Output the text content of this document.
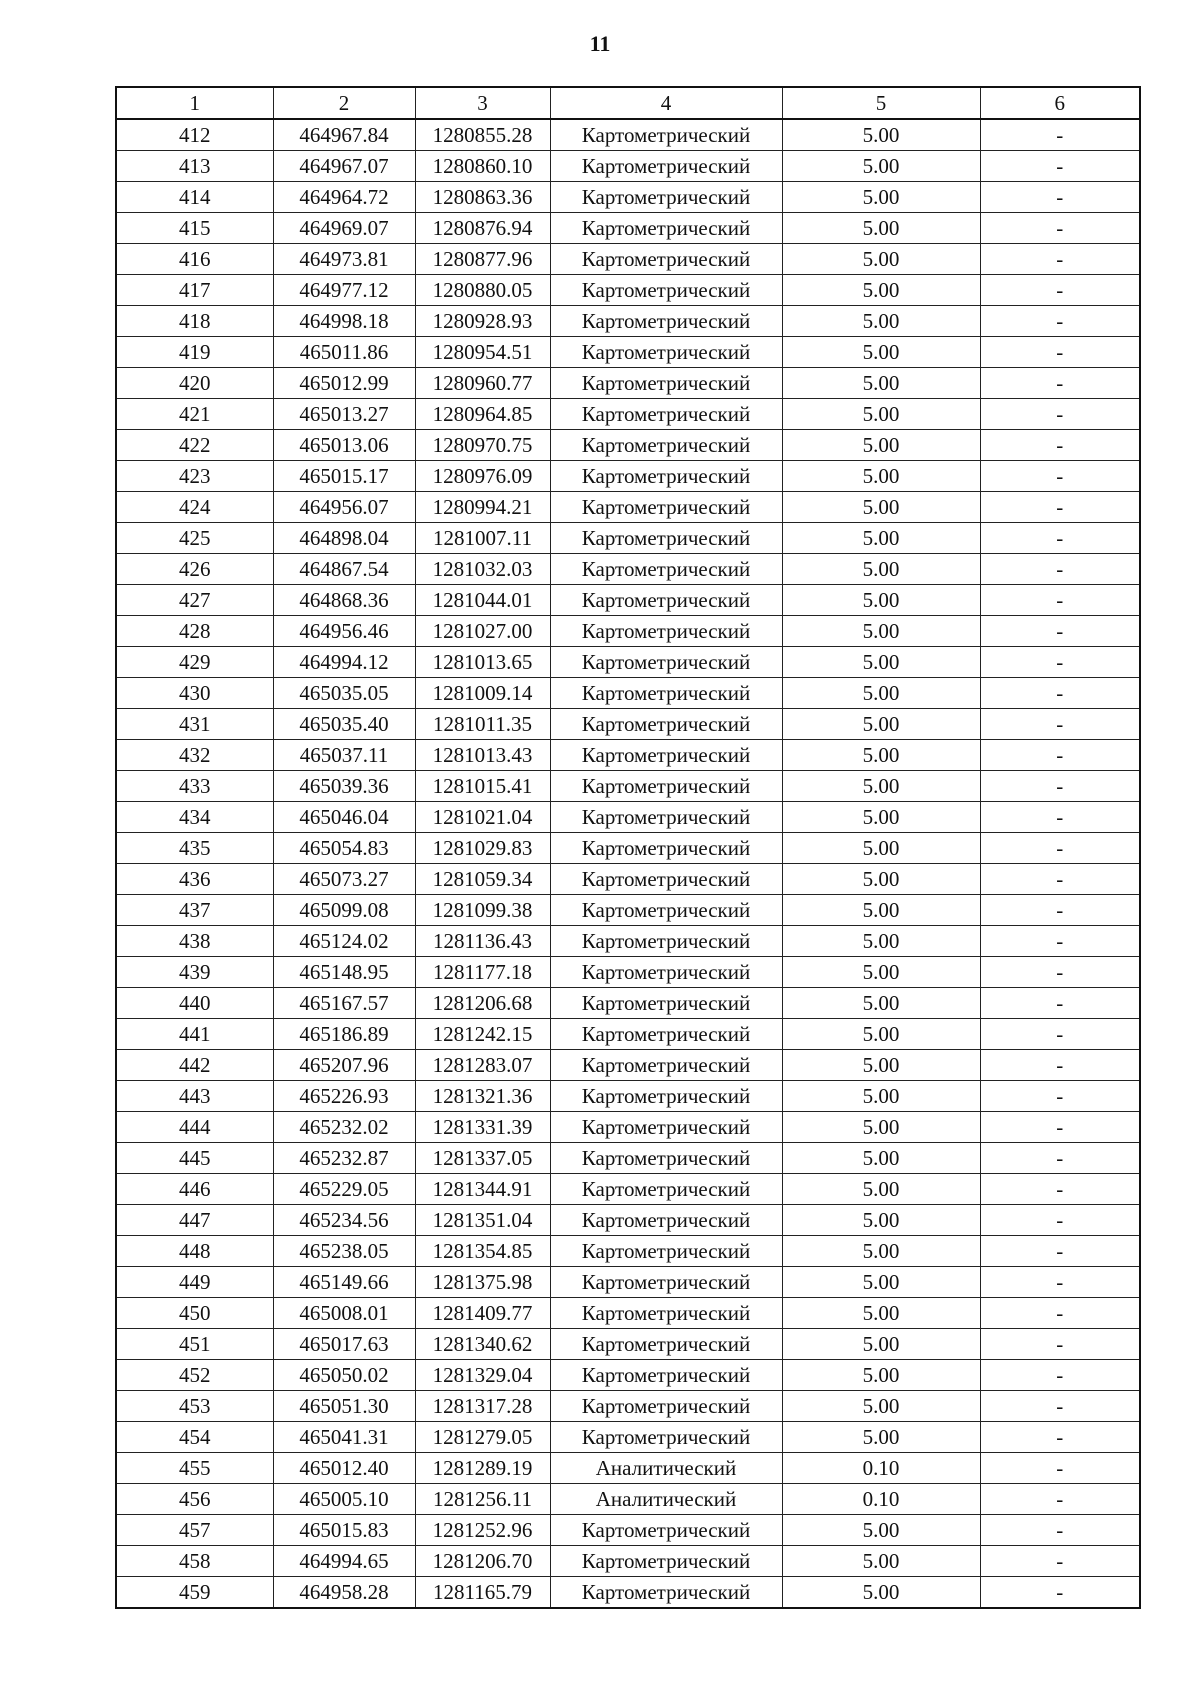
11
1	2	3	4	5	6
412	464967.84	1280855.28	Картометрический	5.00	-
413	464967.07	1280860.10	Картометрический	5.00	-
414	464964.72	1280863.36	Картометрический	5.00	-
415	464969.07	1280876.94	Картометрический	5.00	-
416	464973.81	1280877.96	Картометрический	5.00	-
417	464977.12	1280880.05	Картометрический	5.00	-
418	464998.18	1280928.93	Картометрический	5.00	-
419	465011.86	1280954.51	Картометрический	5.00	-
420	465012.99	1280960.77	Картометрический	5.00	-
421	465013.27	1280964.85	Картометрический	5.00	-
422	465013.06	1280970.75	Картометрический	5.00	-
423	465015.17	1280976.09	Картометрический	5.00	-
424	464956.07	1280994.21	Картометрический	5.00	-
425	464898.04	1281007.11	Картометрический	5.00	-
426	464867.54	1281032.03	Картометрический	5.00	-
427	464868.36	1281044.01	Картометрический	5.00	-
428	464956.46	1281027.00	Картометрический	5.00	-
429	464994.12	1281013.65	Картометрический	5.00	-
430	465035.05	1281009.14	Картометрический	5.00	-
431	465035.40	1281011.35	Картометрический	5.00	-
432	465037.11	1281013.43	Картометрический	5.00	-
433	465039.36	1281015.41	Картометрический	5.00	-
434	465046.04	1281021.04	Картометрический	5.00	-
435	465054.83	1281029.83	Картометрический	5.00	-
436	465073.27	1281059.34	Картометрический	5.00	-
437	465099.08	1281099.38	Картометрический	5.00	-
438	465124.02	1281136.43	Картометрический	5.00	-
439	465148.95	1281177.18	Картометрический	5.00	-
440	465167.57	1281206.68	Картометрический	5.00	-
441	465186.89	1281242.15	Картометрический	5.00	-
442	465207.96	1281283.07	Картометрический	5.00	-
443	465226.93	1281321.36	Картометрический	5.00	-
444	465232.02	1281331.39	Картометрический	5.00	-
445	465232.87	1281337.05	Картометрический	5.00	-
446	465229.05	1281344.91	Картометрический	5.00	-
447	465234.56	1281351.04	Картометрический	5.00	-
448	465238.05	1281354.85	Картометрический	5.00	-
449	465149.66	1281375.98	Картометрический	5.00	-
450	465008.01	1281409.77	Картометрический	5.00	-
451	465017.63	1281340.62	Картометрический	5.00	-
452	465050.02	1281329.04	Картометрический	5.00	-
453	465051.30	1281317.28	Картометрический	5.00	-
454	465041.31	1281279.05	Картометрический	5.00	-
455	465012.40	1281289.19	Аналитический	0.10	-
456	465005.10	1281256.11	Аналитический	0.10	-
457	465015.83	1281252.96	Картометрический	5.00	-
458	464994.65	1281206.70	Картометрический	5.00	-
459	464958.28	1281165.79	Картометрический	5.00	-
